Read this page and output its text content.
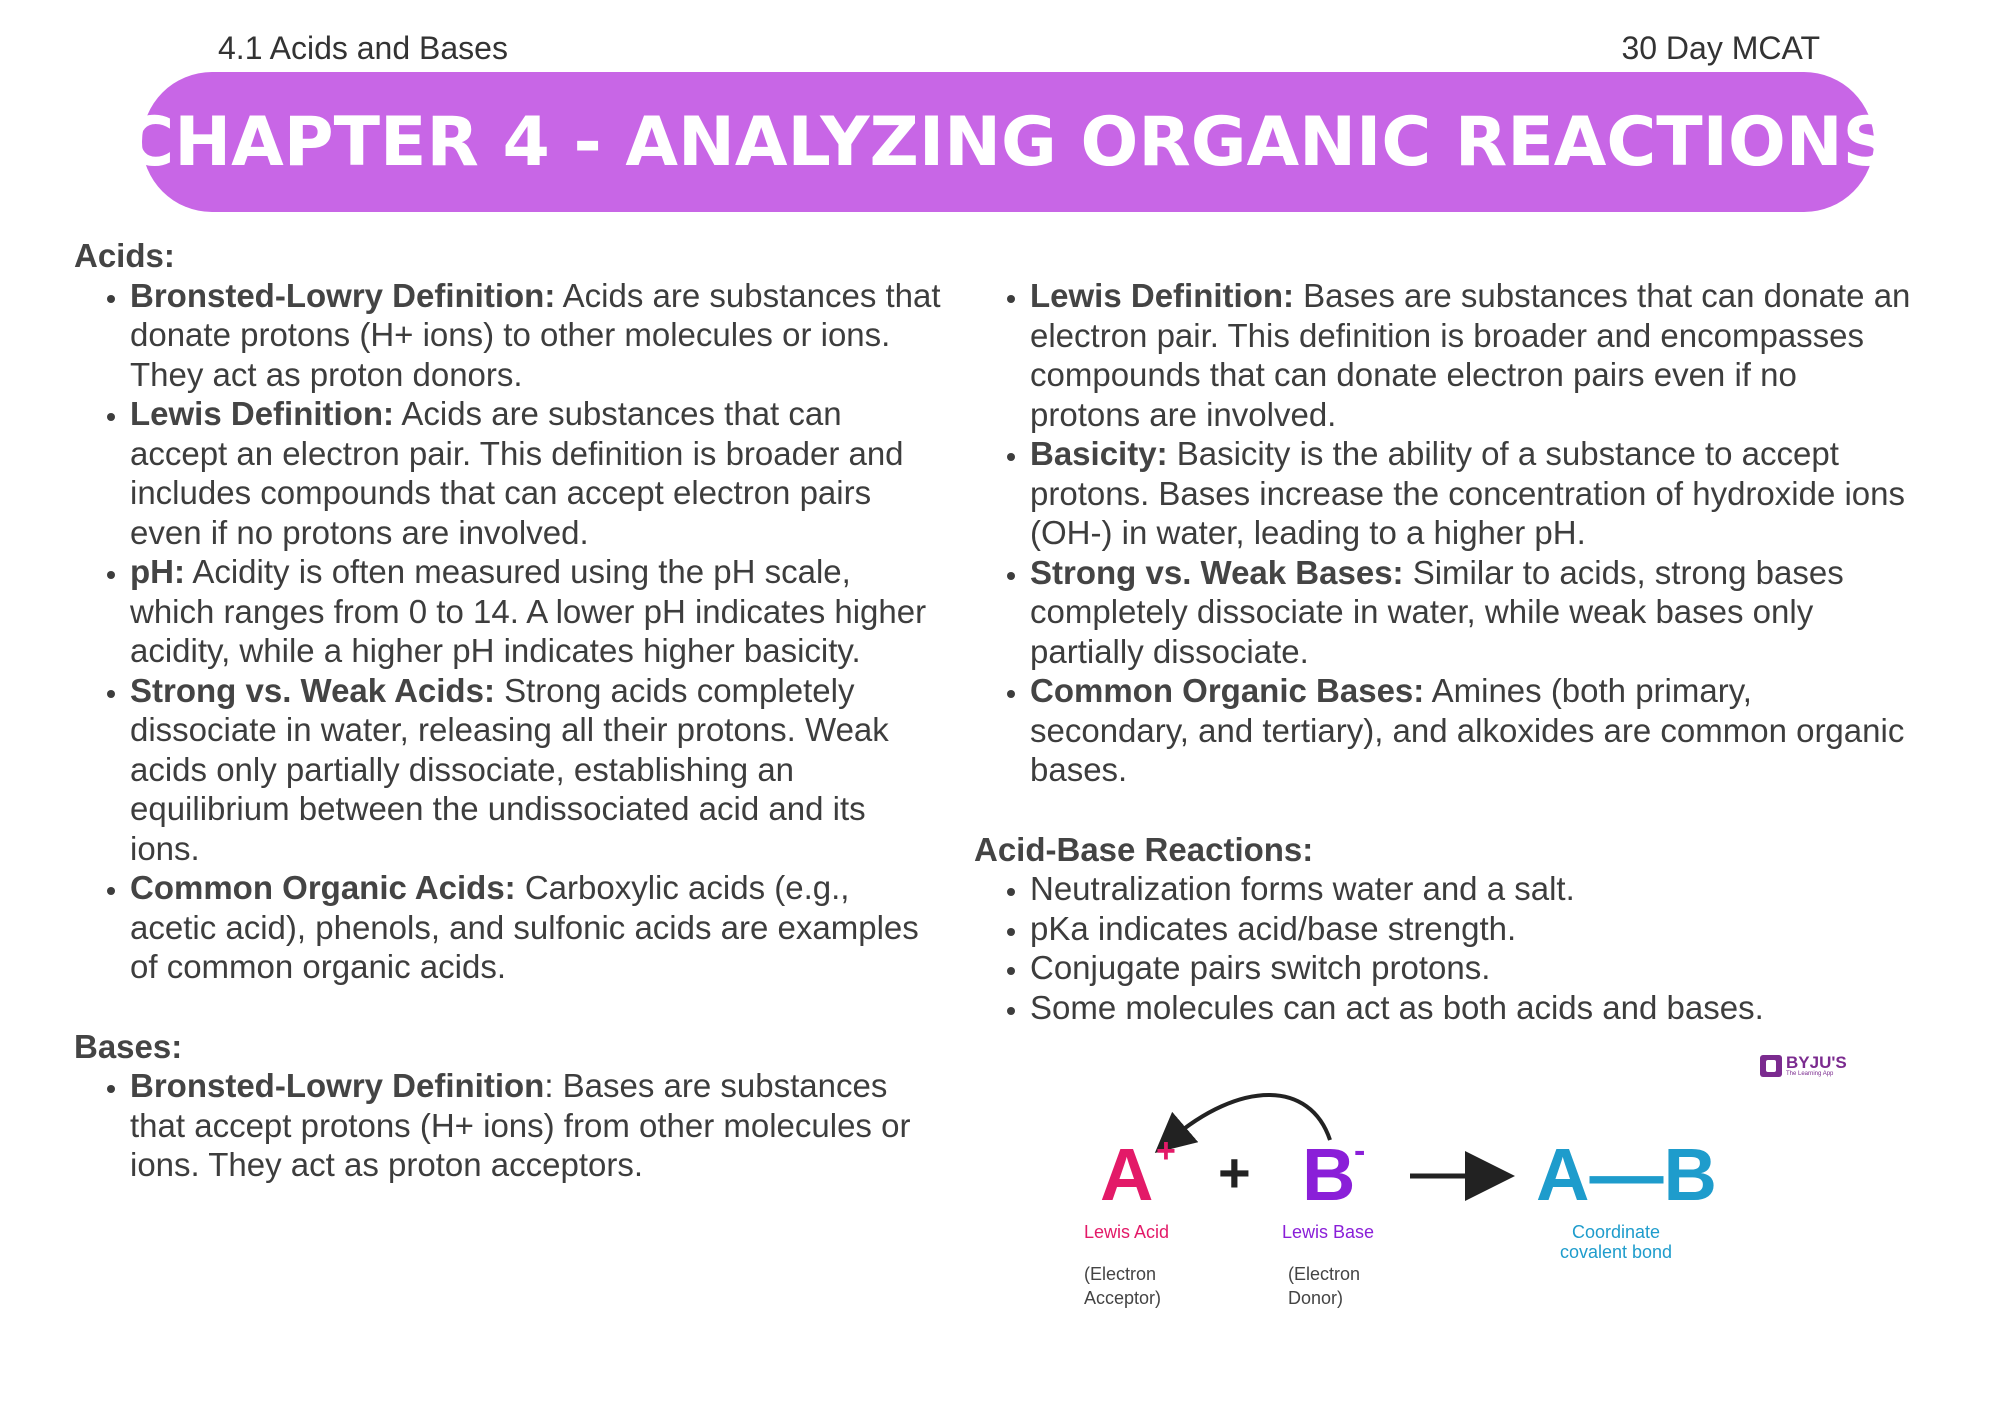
4.1 Acids and Bases	30 Day MCAT
CHAPTER 4 - ANALYZING ORGANIC REACTIONS

Acids:

• Bronsted-Lowry Definition: Acids are substances that donate protons (H+ ions) to other molecules or ions. They act as proton donors.
• Lewis Definition: Acids are substances that can accept an electron pair. This definition is broader and includes compounds that can accept electron pairs even if no protons are involved.
• pH: Acidity is often measured using the pH scale, which ranges from 0 to 14. A lower pH indicates higher acidity, while a higher pH indicates higher basicity.
• Strong vs. Weak Acids: Strong acids completely dissociate in water, releasing all their protons. Weak acids only partially dissociate, establishing an equilibrium between the undissociated acid and its ions.
• Common Organic Acids: Carboxylic acids (e.g., acetic acid), phenols, and sulfonic acids are examples of common organic acids.

Bases:

• Bronsted-Lowry Definition: Bases are substances that accept protons (H+ ions) from other molecules or ions. They act as proton acceptors.
• Lewis Definition: Bases are substances that can donate an electron pair. This definition is broader and encompasses compounds that can donate electron pairs even if no protons are involved.
• Basicity: Basicity is the ability of a substance to accept protons. Bases increase the concentration of hydroxide ions (OH-) in water, leading to a higher pH.
• Strong vs. Weak Bases: Similar to acids, strong bases completely dissociate in water, while weak bases only partially dissociate.
• Common Organic Bases: Amines (both primary, secondary, and tertiary), and alkoxides are common organic bases.

Acid-Base Reactions:

• Neutralization forms water and a salt.
• pKa indicates acid/base strength.
• Conjugate pairs switch protons.
• Some molecules can act as both acids and bases.
BYJU'S
The Learning App
A + + B
- A—B
Lewis Acid	Lewis Base	Coordinate covalent bond
(Electron Acceptor)
(Electron Donor)
